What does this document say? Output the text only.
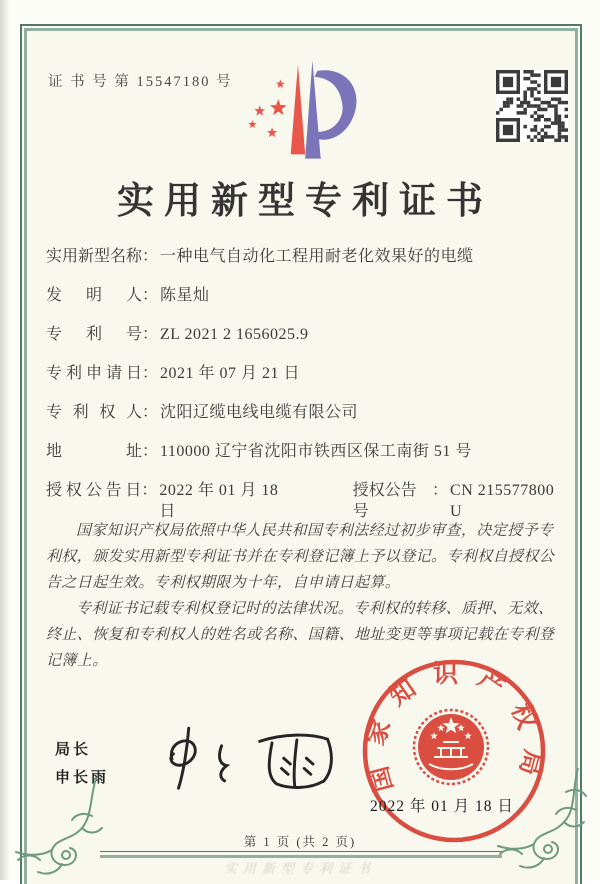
证 书 号 第 15547180 号
实用新型专利证书
实用新型名称 ： 一种电气自动化工程用耐老化效果好的电缆
发明人 ： 陈星灿
专利号 ： ZL 2021 2 1656025.9
专利申请日 ： 2021 年 07 月 21 日
专利权人 ： 沈阳辽缆电线电缆有限公司
地址 ： 110000 辽宁省沈阳市铁西区保工南街 51 号
授权公告日 ： 2022 年 01 月 18 日
授权公告号
： CN 215577800 U

国家知识产权局依照中华人民共和国专利法经过初步审查，决定授予专利权，颁发实用新型专利证书并在专利登记簿上予以登记。专利权自授权公告之日起生效。专利权期限为十年，自申请日起算。

专利证书记载专利权登记时的法律状况。专利权的转移、质押、无效、终止、恢复和专利权人的姓名或名称、国籍、地址变更等事项记载在专利登记簿上。

局长
申长雨	国家知识产权局
2022 年 01 月 18 日
第 1 页 (共 2 页)
实用新型专利证书
